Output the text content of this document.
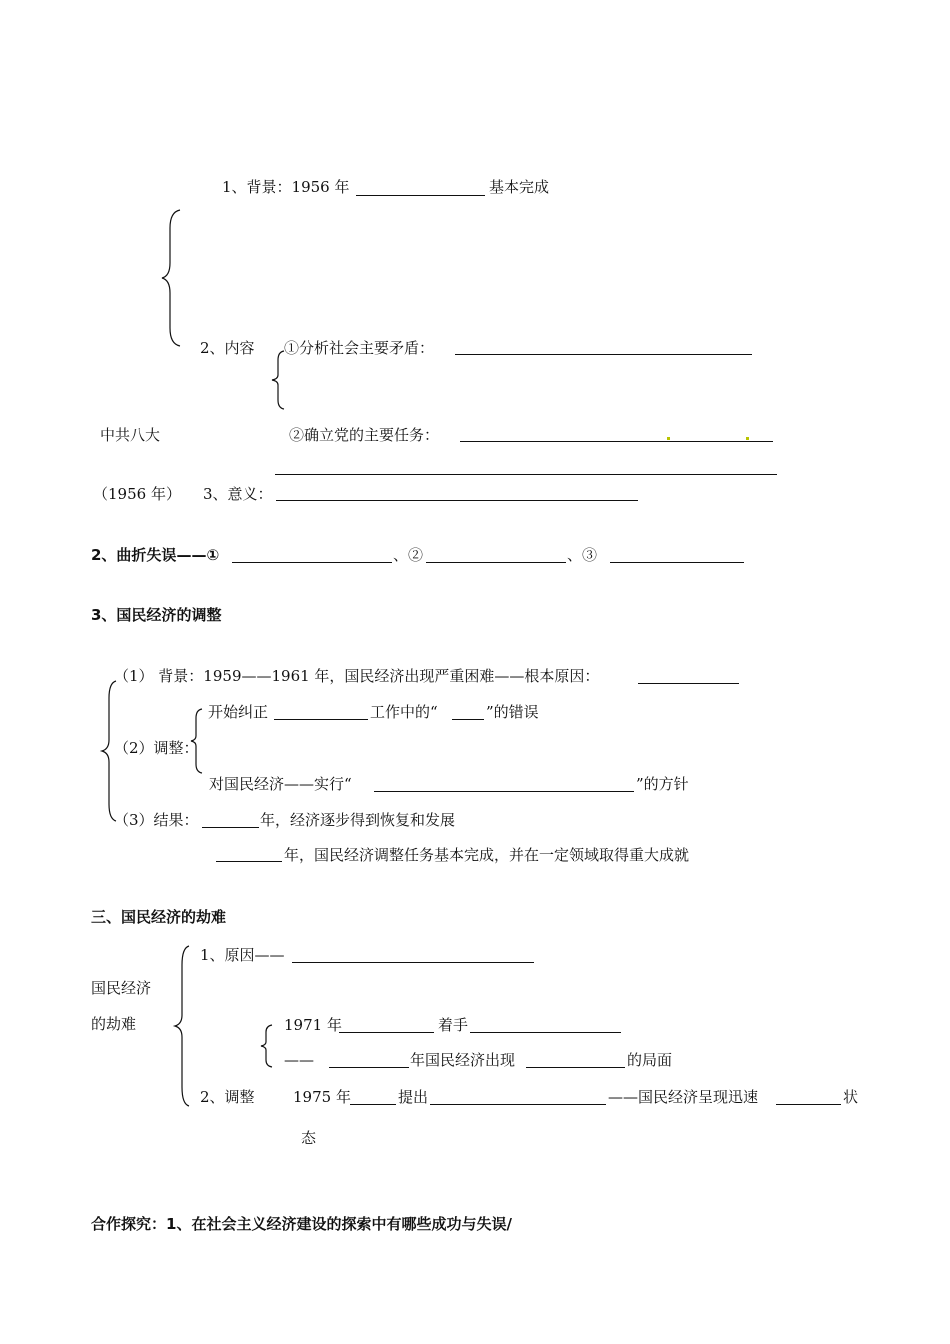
1、背景：1956 年	基本完成
2、内容 ①分析社会主要矛盾：
中共八大	②确立党的主要任务：
（1956 年） 3、意义：
2、曲折失误——①	、②	、③
3、国民经济的调整
（1） 背景：1959——1961 年，国民经济出现严重困难——根本原因：
开始纠正	工作中的“	”的错误
（2）调整：
对国民经济——实行“	”的方针
（3）结果：	年，经济逐步得到恢复和发展
年，国民经济调整任务基本完成，并在一定领域取得重大成就
三、国民经济的劫难
1、原因——
国民经济
的劫难	1971 年	着手
——	年国民经济出现	的局面
2、调整	1975 年	提出	——国民经济呈现迅速	状
态
合作探究：1、在社会主义经济建设的探索中有哪些成功与失误/
